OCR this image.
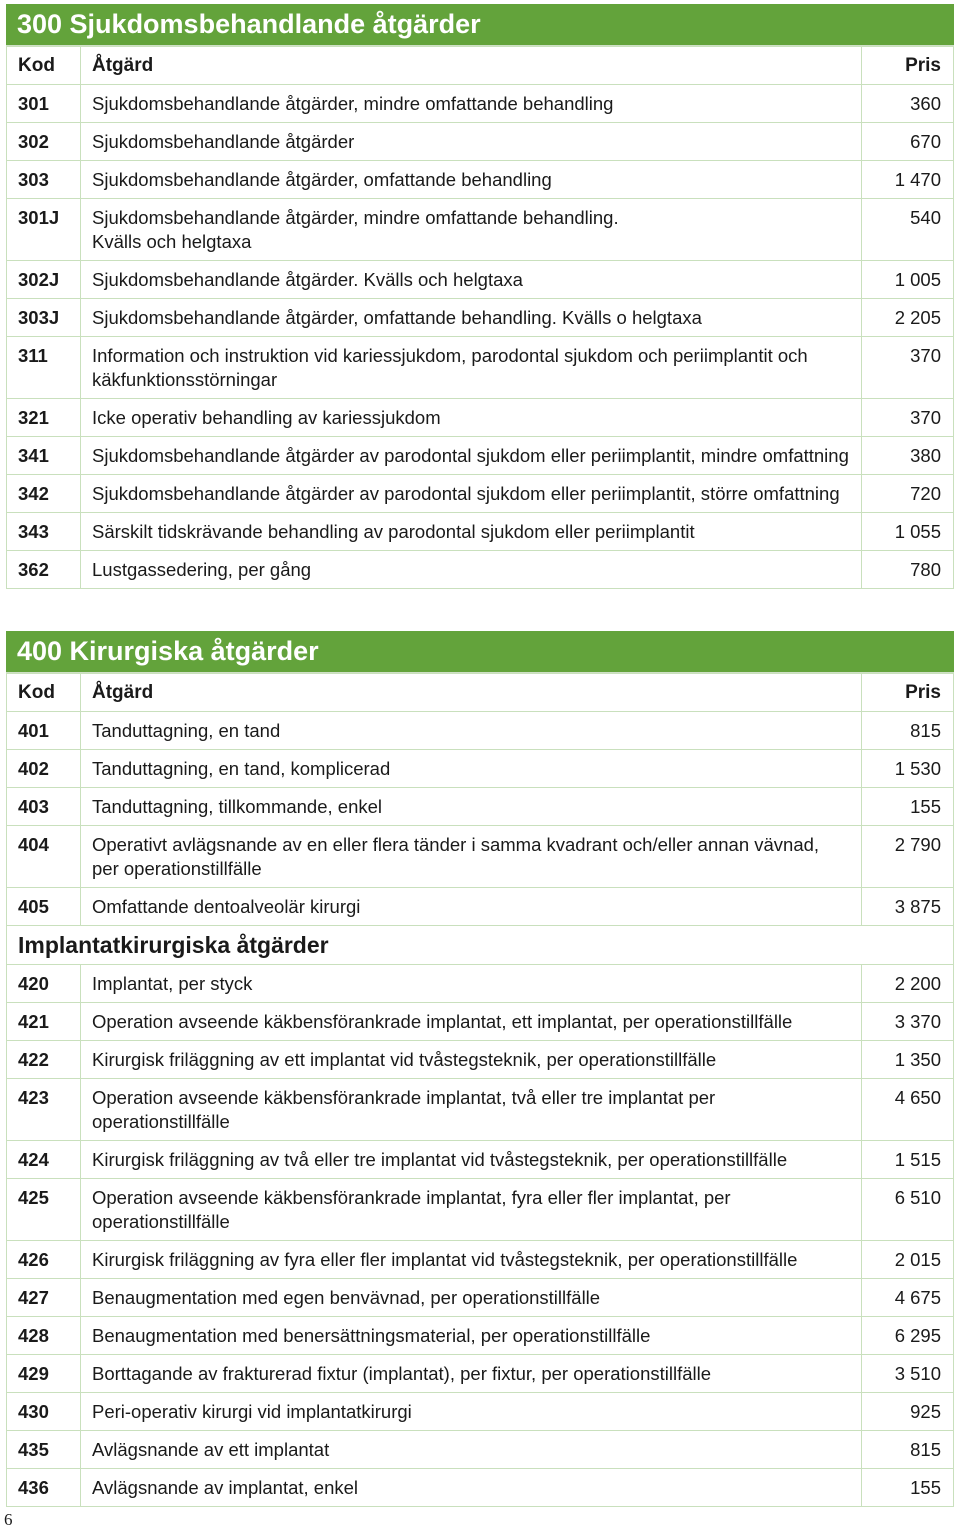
300 Sjukdomsbehandlande åtgärder
Kod	Åtgärd	Pris
301	Sjukdomsbehandlande åtgärder, mindre omfattande behandling	360
302	Sjukdomsbehandlande åtgärder	670
303	Sjukdomsbehandlande åtgärder, omfattande behandling	1 470
301J	Sjukdomsbehandlande åtgärder, mindre omfattande behandling.
Kvälls och helgtaxa	540
302J	Sjukdomsbehandlande åtgärder. Kvälls och helgtaxa	1 005
303J	Sjukdomsbehandlande åtgärder, omfattande behandling. Kvälls o helgtaxa	2 205
311	Information och instruktion vid kariessjukdom, parodontal sjukdom och periimplantit och
käkfunktionsstörningar	370
321	Icke operativ behandling av kariessjukdom	370
341	Sjukdomsbehandlande åtgärder av parodontal sjukdom eller periimplantit, mindre omfattning	380
342	Sjukdomsbehandlande åtgärder av parodontal sjukdom eller periimplantit, större omfattning	720
343	Särskilt tidskrävande behandling av parodontal sjukdom eller periimplantit	1 055
362	Lustgassedering, per gång	780
400 Kirurgiska åtgärder
Kod	Åtgärd	Pris
401	Tanduttagning, en tand	815
402	Tanduttagning, en tand, komplicerad	1 530
403	Tanduttagning, tillkommande, enkel	155
404	Operativt avlägsnande av en eller flera tänder i samma kvadrant och/eller annan vävnad,
per operationstillfälle	2 790
405	Omfattande dentoalveolär kirurgi	3 875
Implantatkirurgiska åtgärder
420	Implantat, per styck	2 200
421	Operation avseende käkbensförankrade implantat, ett implantat, per operationstillfälle	3 370
422	Kirurgisk friläggning av ett implantat vid tvåstegsteknik, per operationstillfälle	1 350
423	Operation avseende käkbensförankrade implantat, två eller tre implantat per operationstillfälle	4 650
424	Kirurgisk friläggning av två eller tre implantat vid tvåstegsteknik, per operationstillfälle	1 515
425	Operation avseende käkbensförankrade implantat, fyra eller fler implantat, per operationstillfälle	6 510
426	Kirurgisk friläggning av fyra eller fler implantat vid tvåstegsteknik, per operationstillfälle	2 015
427	Benaugmentation med egen benvävnad, per operationstillfälle	4 675
428	Benaugmentation med benersättningsmaterial, per operationstillfälle	6 295
429	Borttagande av frakturerad fixtur (implantat), per fixtur, per operationstillfälle	3 510
430	Peri-operativ kirurgi vid implantatkirurgi	925
435	Avlägsnande av ett implantat	815
436	Avlägsnande av implantat, enkel	155
6
